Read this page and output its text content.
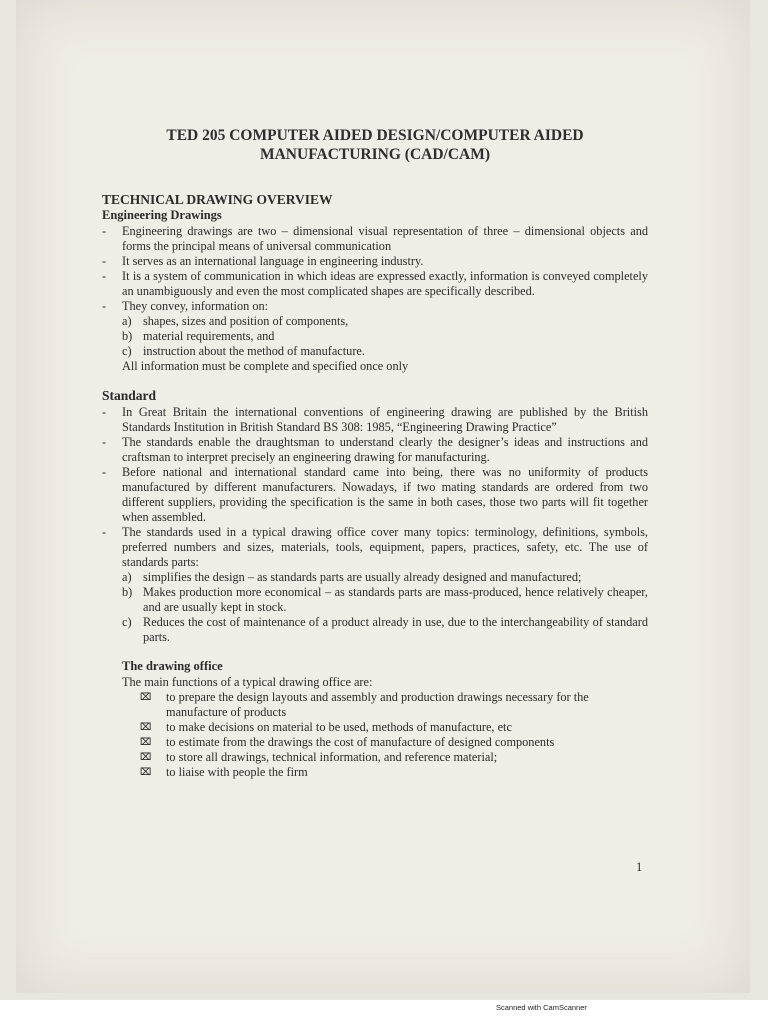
TED 205 COMPUTER AIDED DESIGN/COMPUTER AIDED
MANUFACTURING (CAD/CAM)
TECHNICAL DRAWING OVERVIEW
Engineering Drawings
- Engineering drawings are two – dimensional visual representation of three – dimensional objects and forms the principal means of universal communication
- It serves as an international language in engineering industry.
- It is a system of communication in which ideas are expressed exactly, information is conveyed completely an unambiguously and even the most complicated shapes are specifically described.
- They convey, information on:
a) shapes, sizes and position of components,
b) material requirements, and
c) instruction about the method of manufacture.
All information must be complete and specified once only
Standard
- In Great Britain the international conventions of engineering drawing are published by the British Standards Institution in British Standard BS 308: 1985, “Engineering Drawing Practice”
- The standards enable the draughtsman to understand clearly the designer’s ideas and instructions and craftsman to interpret precisely an engineering drawing for manufacturing.
- Before national and international standard came into being, there was no uniformity of products manufactured by different manufacturers. Nowadays, if two mating standards are ordered from two different suppliers, providing the specification is the same in both cases, those two parts will fit together when assembled.
- The standards used in a typical drawing office cover many topics: terminology, definitions, symbols, preferred numbers and sizes, materials, tools, equipment, papers, practices, safety, etc. The use of standards parts:
a) simplifies the design – as standards parts are usually already designed and manufactured;
b) Makes production more economical – as standards parts are mass-produced, hence relatively cheaper, and are usually kept in stock.
c) Reduces the cost of maintenance of a product already in use, due to the interchangeability of standard parts.
The drawing office
The main functions of a typical drawing office are:
⌧ to prepare the design layouts and assembly and production drawings necessary for the manufacture of products
⌧ to make decisions on material to be used, methods of manufacture, etc
⌧ to estimate from the drawings the cost of manufacture of designed components
⌧ to store all drawings, technical information, and reference material;
⌧ to liaise with people the firm
1
Scanned with CamScanner
